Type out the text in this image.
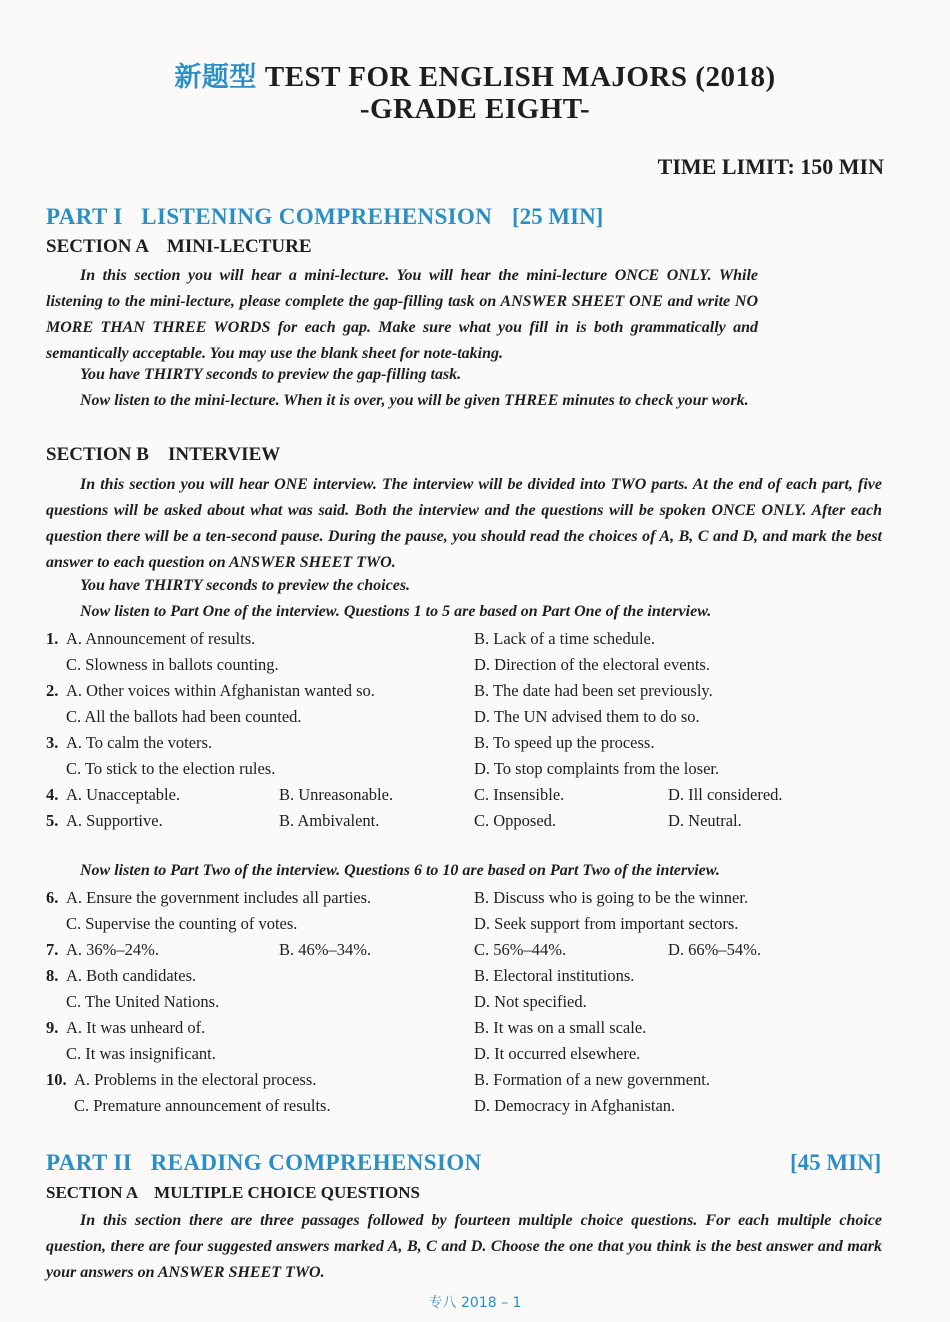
新题型 TEST FOR ENGLISH MAJORS (2018)
-GRADE EIGHT-
TIME LIMIT: 150 MIN
PART I   LISTENING COMPREHENSION [25 MIN]
SECTION A    MINI-LECTURE
In this section you will hear a mini-lecture. You will hear the mini-lecture ONCE ONLY. While listening to the mini-lecture, please complete the gap-filling task on ANSWER SHEET ONE and write NO MORE THAN THREE WORDS for each gap. Make sure what you fill in is both grammatically and semantically acceptable. You may use the blank sheet for note-taking.
You have THIRTY seconds to preview the gap-filling task.
Now listen to the mini-lecture. When it is over, you will be given THREE minutes to check your work.
SECTION B    INTERVIEW
In this section you will hear ONE interview. The interview will be divided into TWO parts. At the end of each part, five questions will be asked about what was said. Both the interview and the questions will be spoken ONCE ONLY. After each question there will be a ten-second pause. During the pause, you should read the choices of A, B, C and D, and mark the best answer to each question on ANSWER SHEET TWO.
You have THIRTY seconds to preview the choices.
Now listen to Part One of the interview. Questions 1 to 5 are based on Part One of the interview.
1. A. Announcement of results.	B. Lack of a time schedule.
C. Slowness in ballots counting.	D. Direction of the electoral events.
2. A. Other voices within Afghanistan wanted so.	B. The date had been set previously.
C. All the ballots had been counted.	D. The UN advised them to do so.
3. A. To calm the voters.	B. To speed up the process.
C. To stick to the election rules.	D. To stop complaints from the loser.
4. A. Unacceptable.	B. Unreasonable.	C. Insensible.	D. Ill considered.
5. A. Supportive.	B. Ambivalent.	C. Opposed.	D. Neutral.
Now listen to Part Two of the interview. Questions 6 to 10 are based on Part Two of the interview.
6. A. Ensure the government includes all parties.	B. Discuss who is going to be the winner.
C. Supervise the counting of votes.	D. Seek support from important sectors.
7. A. 36%–24%.	B. 46%–34%.	C. 56%–44%.	D. 66%–54%.
8. A. Both candidates.	B. Electoral institutions.
C. The United Nations.	D. Not specified.
9. A. It was unheard of.	B. It was on a small scale.
C. It was insignificant.	D. It occurred elsewhere.
10. A. Problems in the electoral process.	B. Formation of a new government.
C. Premature announcement of results.	D. Democracy in Afghanistan.
PART II   READING COMPREHENSION	[45 MIN]
SECTION A    MULTIPLE CHOICE QUESTIONS
In this section there are three passages followed by fourteen multiple choice questions. For each multiple choice question, there are four suggested answers marked A, B, C and D. Choose the one that you think is the best answer and mark your answers on ANSWER SHEET TWO.
专八 2018 – 1
